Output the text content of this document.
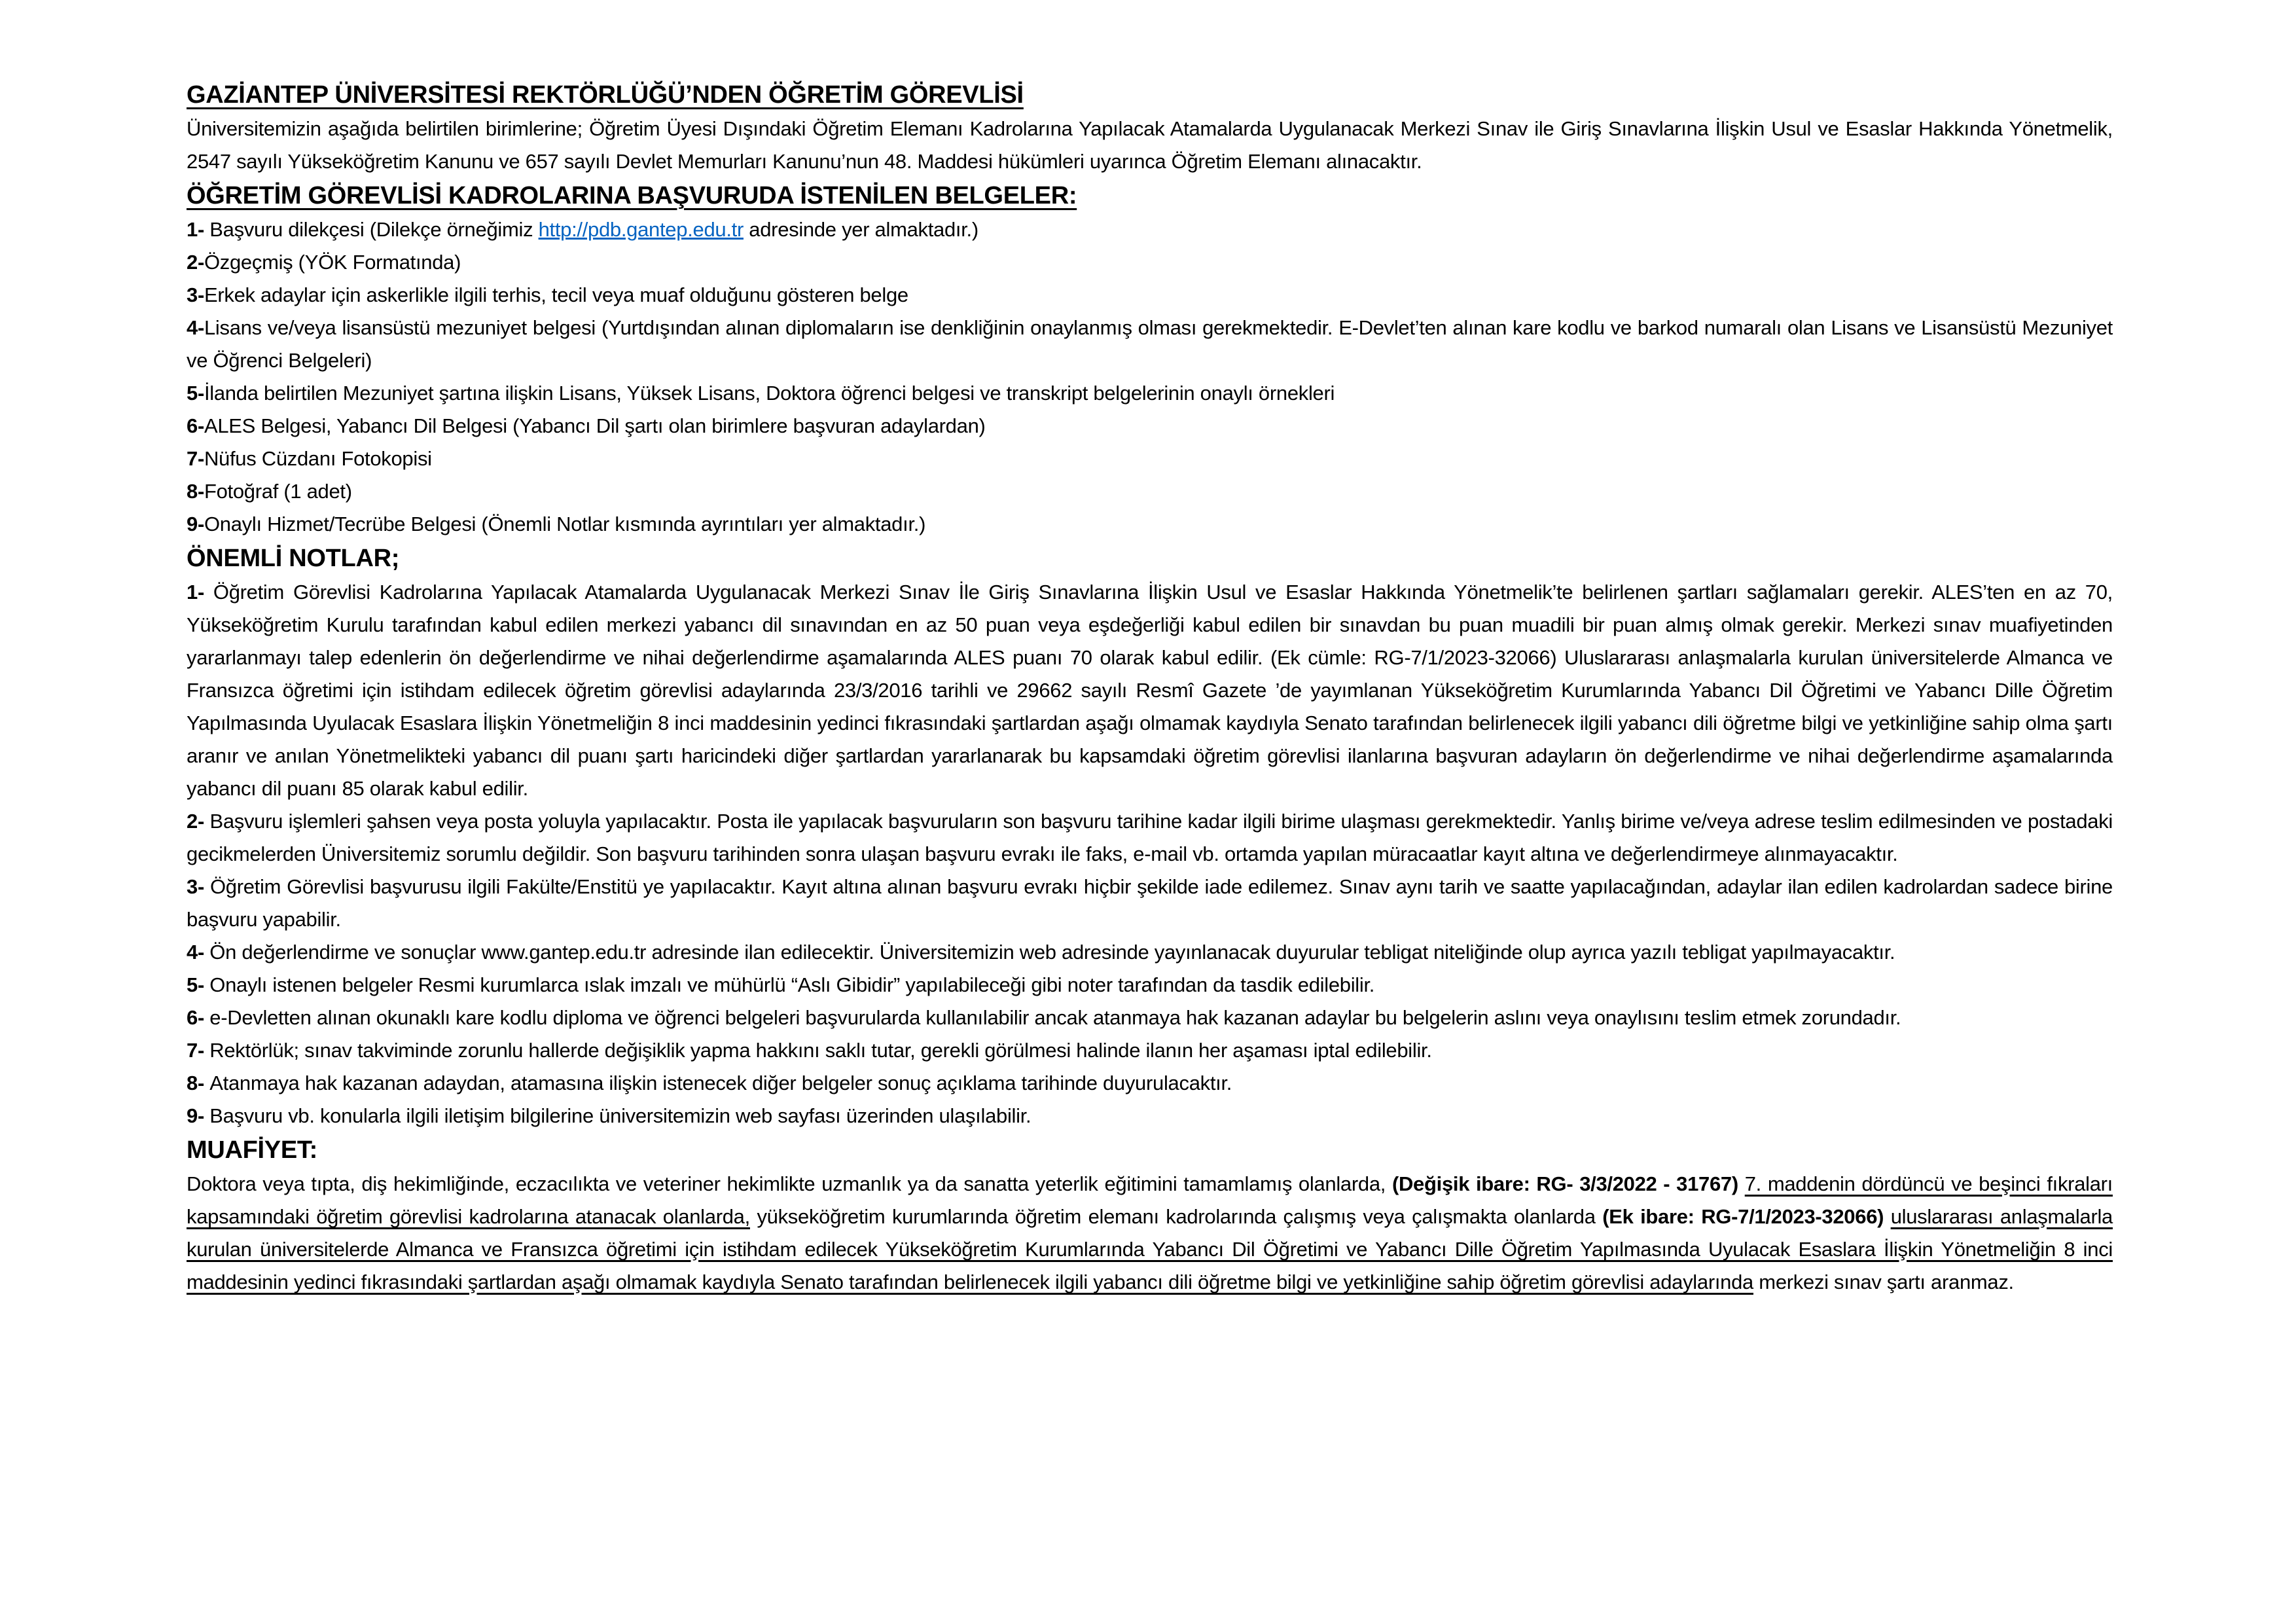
GAZİANTEP ÜNİVERSİTESİ REKTÖRLÜĞÜ’NDEN ÖĞRETİM GÖREVLİSİ

Üniversitemizin aşağıda belirtilen birimlerine; Öğretim Üyesi Dışındaki Öğretim Elemanı Kadrolarına Yapılacak Atamalarda Uygulanacak Merkezi Sınav ile Giriş Sınavlarına İlişkin Usul ve Esaslar Hakkında Yönetmelik, 2547 sayılı Yükseköğretim Kanunu ve 657 sayılı Devlet Memurları Kanunu’nun 48. Maddesi hükümleri uyarınca Öğretim Elemanı alınacaktır.

ÖĞRETİM GÖREVLİSİ KADROLARINA BAŞVURUDA İSTENİLEN BELGELER:

1- Başvuru dilekçesi (Dilekçe örneğimiz http://pdb.gantep.edu.tr adresinde yer almaktadır.)

2-Özgeçmiş (YÖK Formatında)

3-Erkek adaylar için askerlikle ilgili terhis, tecil veya muaf olduğunu gösteren belge

4-Lisans ve/veya lisansüstü mezuniyet belgesi (Yurtdışından alınan diplomaların ise denkliğinin onaylanmış olması gerekmektedir. E-Devlet’ten alınan kare kodlu ve barkod numaralı olan Lisans ve Lisansüstü Mezuniyet ve Öğrenci Belgeleri)

5-İlanda belirtilen Mezuniyet şartına ilişkin Lisans, Yüksek Lisans, Doktora öğrenci belgesi ve transkript belgelerinin onaylı örnekleri

6-ALES Belgesi, Yabancı Dil Belgesi (Yabancı Dil şartı olan birimlere başvuran adaylardan)

7-Nüfus Cüzdanı Fotokopisi

8-Fotoğraf (1 adet)

9-Onaylı Hizmet/Tecrübe Belgesi (Önemli Notlar kısmında ayrıntıları yer almaktadır.)

ÖNEMLİ NOTLAR;

1- Öğretim Görevlisi Kadrolarına Yapılacak Atamalarda Uygulanacak Merkezi Sınav İle Giriş Sınavlarına İlişkin Usul ve Esaslar Hakkında Yönetmelik’te belirlenen şartları sağlamaları gerekir. ALES’ten en az 70, Yükseköğretim Kurulu tarafından kabul edilen merkezi yabancı dil sınavından en az 50 puan veya eşdeğerliği kabul edilen bir sınavdan bu puan muadili bir puan almış olmak gerekir. Merkezi sınav muafiyetinden yararlanmayı talep edenlerin ön değerlendirme ve nihai değerlendirme aşamalarında ALES puanı 70 olarak kabul edilir. (Ek cümle: RG-7/1/2023-32066) Uluslararası anlaşmalarla kurulan üniversitelerde Almanca ve Fransızca öğretimi için istihdam edilecek öğretim görevlisi adaylarında 23/3/2016 tarihli ve 29662 sayılı Resmî Gazete ’de yayımlanan Yükseköğretim Kurumlarında Yabancı Dil Öğretimi ve Yabancı Dille Öğretim Yapılmasında Uyulacak Esaslara İlişkin Yönetmeliğin 8 inci maddesinin yedinci fıkrasındaki şartlardan aşağı olmamak kaydıyla Senato tarafından belirlenecek ilgili yabancı dili öğretme bilgi ve yetkinliğine sahip olma şartı aranır ve anılan Yönetmelikteki yabancı dil puanı şartı haricindeki diğer şartlardan yararlanarak bu kapsamdaki öğretim görevlisi ilanlarına başvuran adayların ön değerlendirme ve nihai değerlendirme aşamalarında yabancı dil puanı 85 olarak kabul edilir.

2- Başvuru işlemleri şahsen veya posta yoluyla yapılacaktır. Posta ile yapılacak başvuruların son başvuru tarihine kadar ilgili birime ulaşması gerekmektedir. Yanlış birime ve/veya adrese teslim edilmesinden ve postadaki gecikmelerden Üniversitemiz sorumlu değildir. Son başvuru tarihinden sonra ulaşan başvuru evrakı ile faks, e-mail vb. ortamda yapılan müracaatlar kayıt altına ve değerlendirmeye alınmayacaktır.

3- Öğretim Görevlisi başvurusu ilgili Fakülte/Enstitü ye yapılacaktır. Kayıt altına alınan başvuru evrakı hiçbir şekilde iade edilemez. Sınav aynı tarih ve saatte yapılacağından, adaylar ilan edilen kadrolardan sadece birine başvuru yapabilir.

4- Ön değerlendirme ve sonuçlar www.gantep.edu.tr adresinde ilan edilecektir. Üniversitemizin web adresinde yayınlanacak duyurular tebligat niteliğinde olup ayrıca yazılı tebligat yapılmayacaktır.

5- Onaylı istenen belgeler Resmi kurumlarca ıslak imzalı ve mühürlü “Aslı Gibidir” yapılabileceği gibi noter tarafından da tasdik edilebilir.

6- e-Devletten alınan okunaklı kare kodlu diploma ve öğrenci belgeleri başvurularda kullanılabilir ancak atanmaya hak kazanan adaylar bu belgelerin aslını veya onaylısını teslim etmek zorundadır.

7- Rektörlük; sınav takviminde zorunlu hallerde değişiklik yapma hakkını saklı tutar, gerekli görülmesi halinde ilanın her aşaması iptal edilebilir.

8- Atanmaya hak kazanan adaydan, atamasına ilişkin istenecek diğer belgeler sonuç açıklama tarihinde duyurulacaktır.

9- Başvuru vb. konularla ilgili iletişim bilgilerine üniversitemizin web sayfası üzerinden ulaşılabilir.

MUAFİYET:

Doktora veya tıpta, diş hekimliğinde, eczacılıkta ve veteriner hekimlikte uzmanlık ya da sanatta yeterlik eğitimini tamamlamış olanlarda, (Değişik ibare: RG- 3/3/2022 - 31767) 7. maddenin dördüncü ve beşinci fıkraları kapsamındaki öğretim görevlisi kadrolarına atanacak olanlarda, yükseköğretim kurumlarında öğretim elemanı kadrolarında çalışmış veya çalışmakta olanlarda (Ek ibare: RG-7/1/2023-32066) uluslararası anlaşmalarla kurulan üniversitelerde Almanca ve Fransızca öğretimi için istihdam edilecek Yükseköğretim Kurumlarında Yabancı Dil Öğretimi ve Yabancı Dille Öğretim Yapılmasında Uyulacak Esaslara İlişkin Yönetmeliğin 8 inci maddesinin yedinci fıkrasındaki şartlardan aşağı olmamak kaydıyla Senato tarafından belirlenecek ilgili yabancı dili öğretme bilgi ve yetkinliğine sahip öğretim görevlisi adaylarında merkezi sınav şartı aranmaz.
